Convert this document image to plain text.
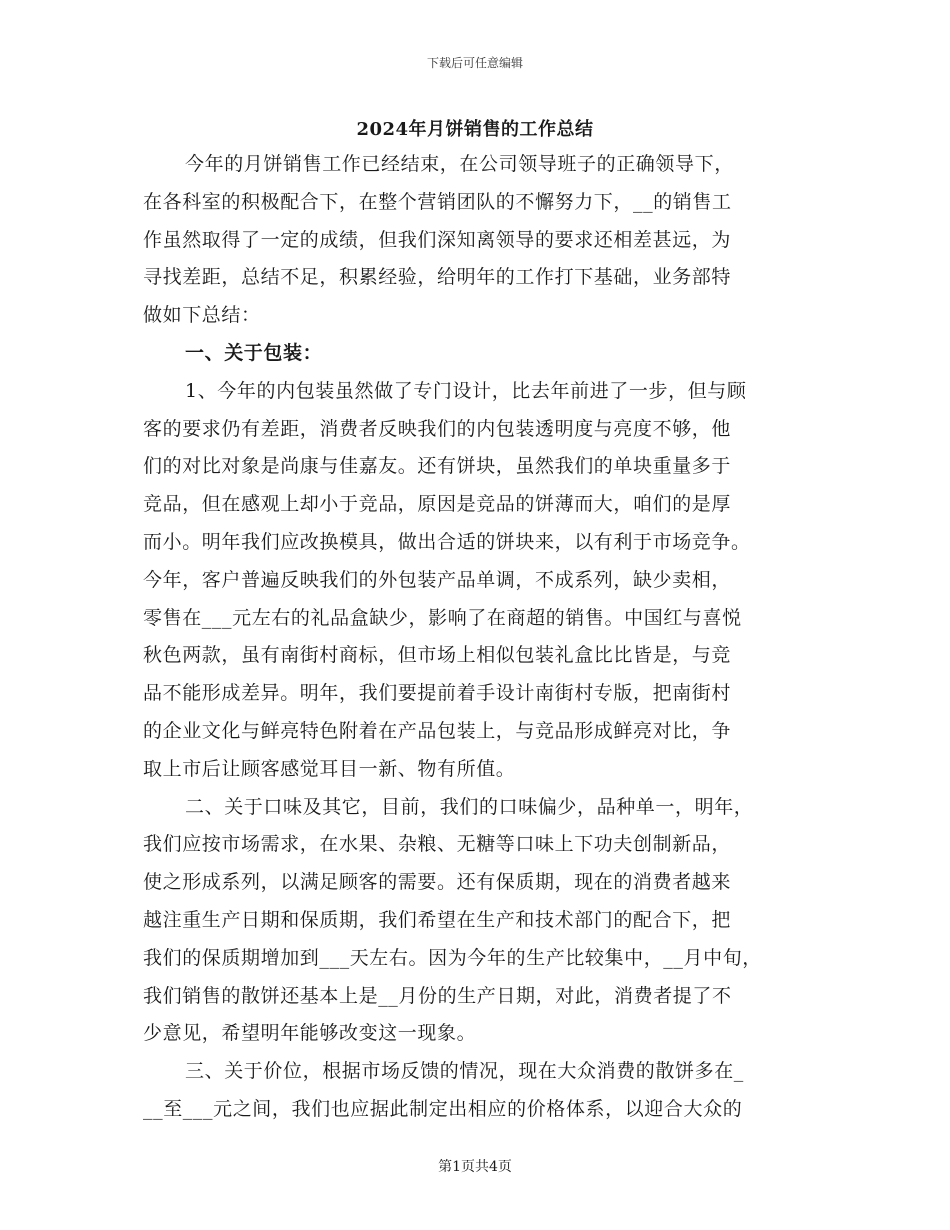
下载后可任意编辑
2024年月饼销售的工作总结
今年的月饼销售工作已经结束，在公司领导班子的正确领导下，
在各科室的积极配合下，在整个营销团队的不懈努力下，__的销售工
作虽然取得了一定的成绩，但我们深知离领导的要求还相差甚远，为
寻找差距，总结不足，积累经验，给明年的工作打下基础，业务部特
做如下总结：
一、关于包装：
1、今年的内包装虽然做了专门设计，比去年前进了一步，但与顾
客的要求仍有差距，消费者反映我们的内包装透明度与亮度不够，他
们的对比对象是尚康与佳嘉友。还有饼块，虽然我们的单块重量多于
竞品，但在感观上却小于竞品，原因是竞品的饼薄而大，咱们的是厚
而小。明年我们应改换模具，做出合适的饼块来，以有利于市场竞争。
今年，客户普遍反映我们的外包装产品单调，不成系列，缺少卖相，
零售在___元左右的礼品盒缺少，影响了在商超的销售。中国红与喜悦
秋色两款，虽有南街村商标，但市场上相似包装礼盒比比皆是，与竞
品不能形成差异。明年，我们要提前着手设计南街村专版，把南街村
的企业文化与鲜亮特色附着在产品包装上，与竞品形成鲜亮对比，争
取上市后让顾客感觉耳目一新、物有所值。
二、关于口味及其它，目前，我们的口味偏少，品种单一，明年，
我们应按市场需求，在水果、杂粮、无糖等口味上下功夫创制新品，
使之形成系列，以满足顾客的需要。还有保质期，现在的消费者越来
越注重生产日期和保质期，我们希望在生产和技术部门的配合下，把
我们的保质期增加到___天左右。因为今年的生产比较集中，__月中旬，
我们销售的散饼还基本上是__月份的生产日期，对此，消费者提了不
少意见，希望明年能够改变这一现象。
三、关于价位，根据市场反馈的情况，现在大众消费的散饼多在_
__至___元之间，我们也应据此制定出相应的价格体系，以迎合大众的
第1页共4页
